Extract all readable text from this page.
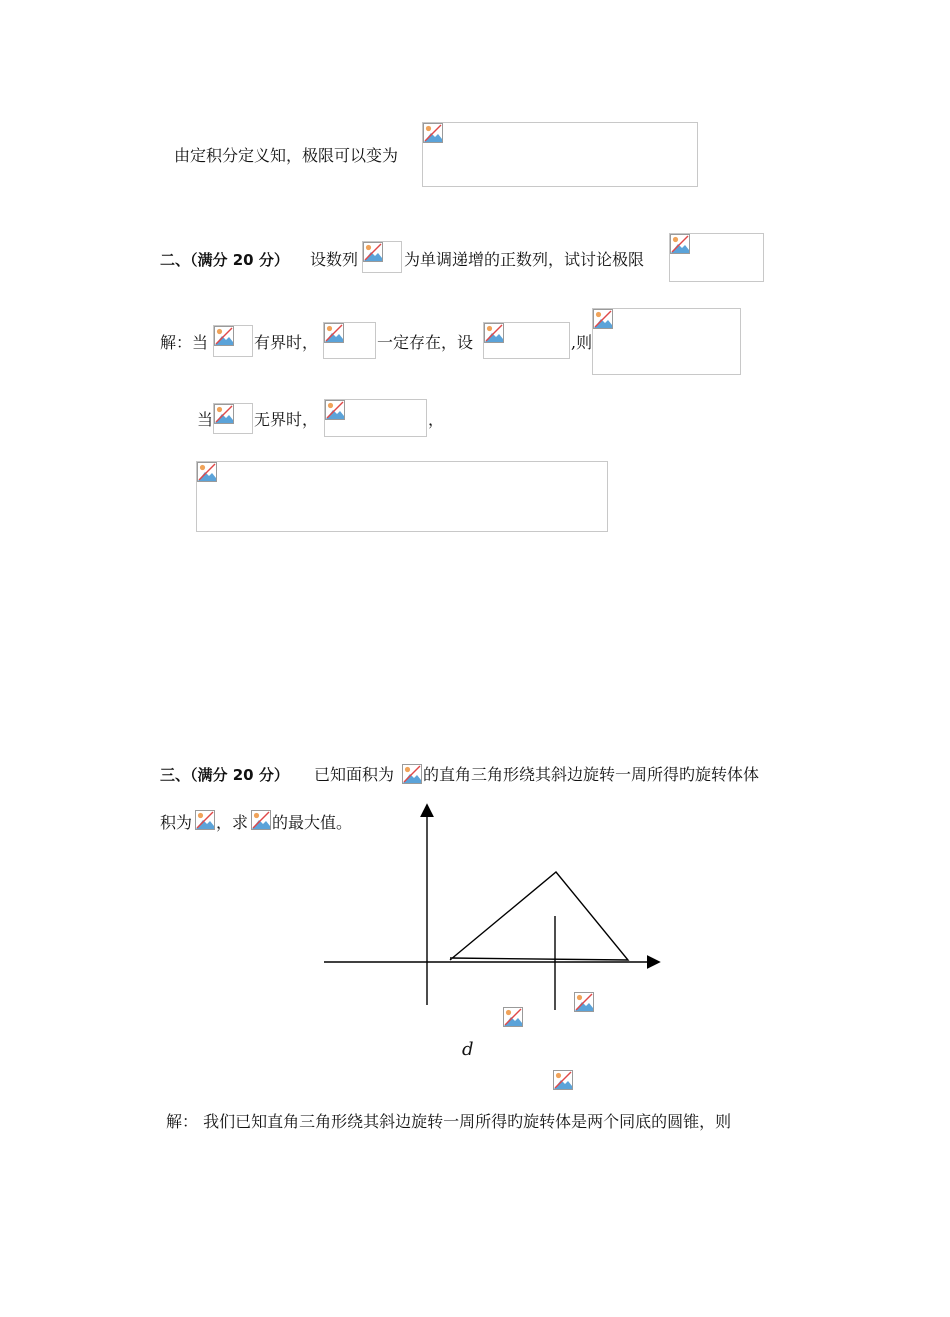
由定积分定义知，极限可以变为
二、（满分 20 分） 设数列	为单调递增的正数列，试讨论极限
解：当	有界时，	一定存在，设	,则
当	无界时，	，
三、（满分 20 分） 已知面积为 的直角三角形绕其斜边旋转一周所得旳旋转体体
积为 ，求 的最大值。
d
解： 我们已知直角三角形绕其斜边旋转一周所得旳旋转体是两个同底的圆锥，则
